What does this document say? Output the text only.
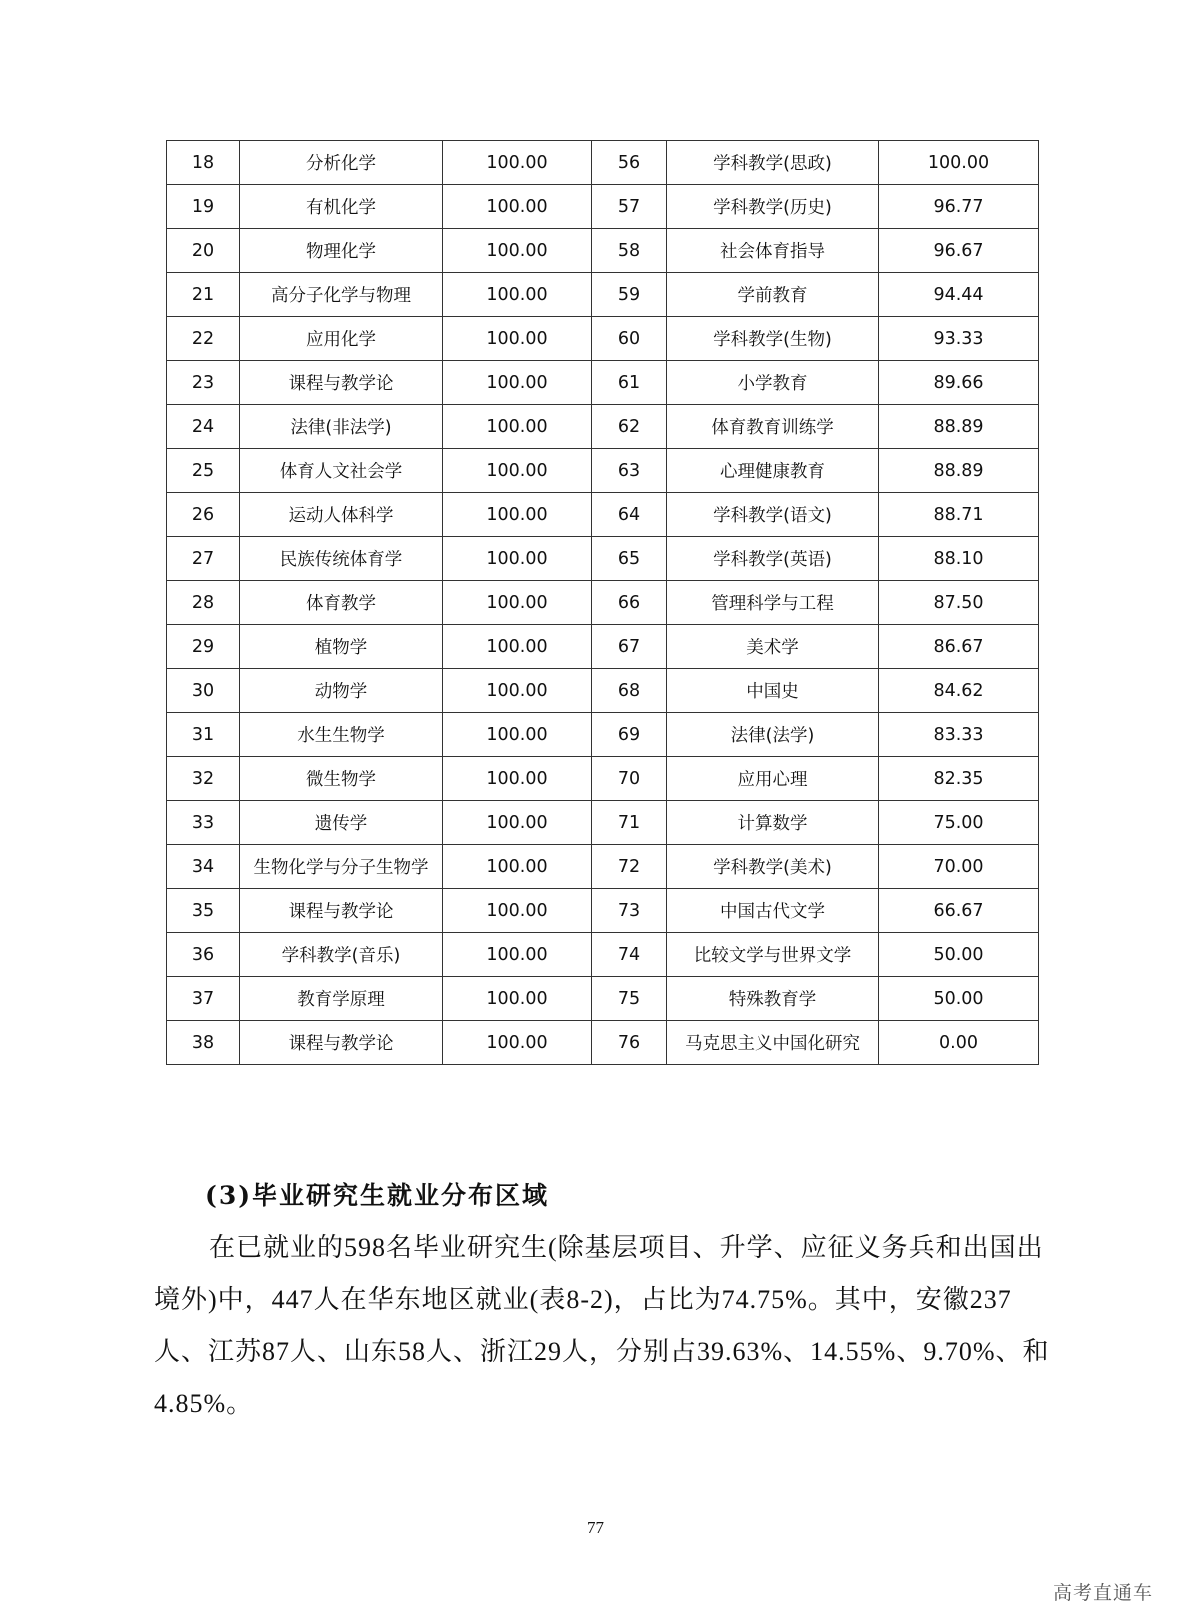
18	分析化学	100.00	56	学科教学(思政)	100.00
19	有机化学	100.00	57	学科教学(历史)	96.77
20	物理化学	100.00	58	社会体育指导	96.67
21	高分子化学与物理	100.00	59	学前教育	94.44
22	应用化学	100.00	60	学科教学(生物)	93.33
23	课程与教学论	100.00	61	小学教育	89.66
24	法律(非法学)	100.00	62	体育教育训练学	88.89
25	体育人文社会学	100.00	63	心理健康教育	88.89
26	运动人体科学	100.00	64	学科教学(语文)	88.71
27	民族传统体育学	100.00	65	学科教学(英语)	88.10
28	体育教学	100.00	66	管理科学与工程	87.50
29	植物学	100.00	67	美术学	86.67
30	动物学	100.00	68	中国史	84.62
31	水生生物学	100.00	69	法律(法学)	83.33
32	微生物学	100.00	70	应用心理	82.35
33	遗传学	100.00	71	计算数学	75.00
34	生物化学与分子生物学	100.00	72	学科教学(美术)	70.00
35	课程与教学论	100.00	73	中国古代文学	66.67
36	学科教学(音乐)	100.00	74	比较文学与世界文学	50.00
37	教育学原理	100.00	75	特殊教育学	50.00
38	课程与教学论	100.00	76	马克思主义中国化研究	0.00
(3)毕业研究生就业分布区域

在已就业的598名毕业研究生(除基层项目、升学、应征义务兵和出国出境外)中，447人在华东地区就业(表8-2)，占比为74.75%。其中，安徽237人、江苏87人、山东58人、浙江29人，分别占39.63%、14.55%、9.70%、和4.85%。

77
高考直通车
